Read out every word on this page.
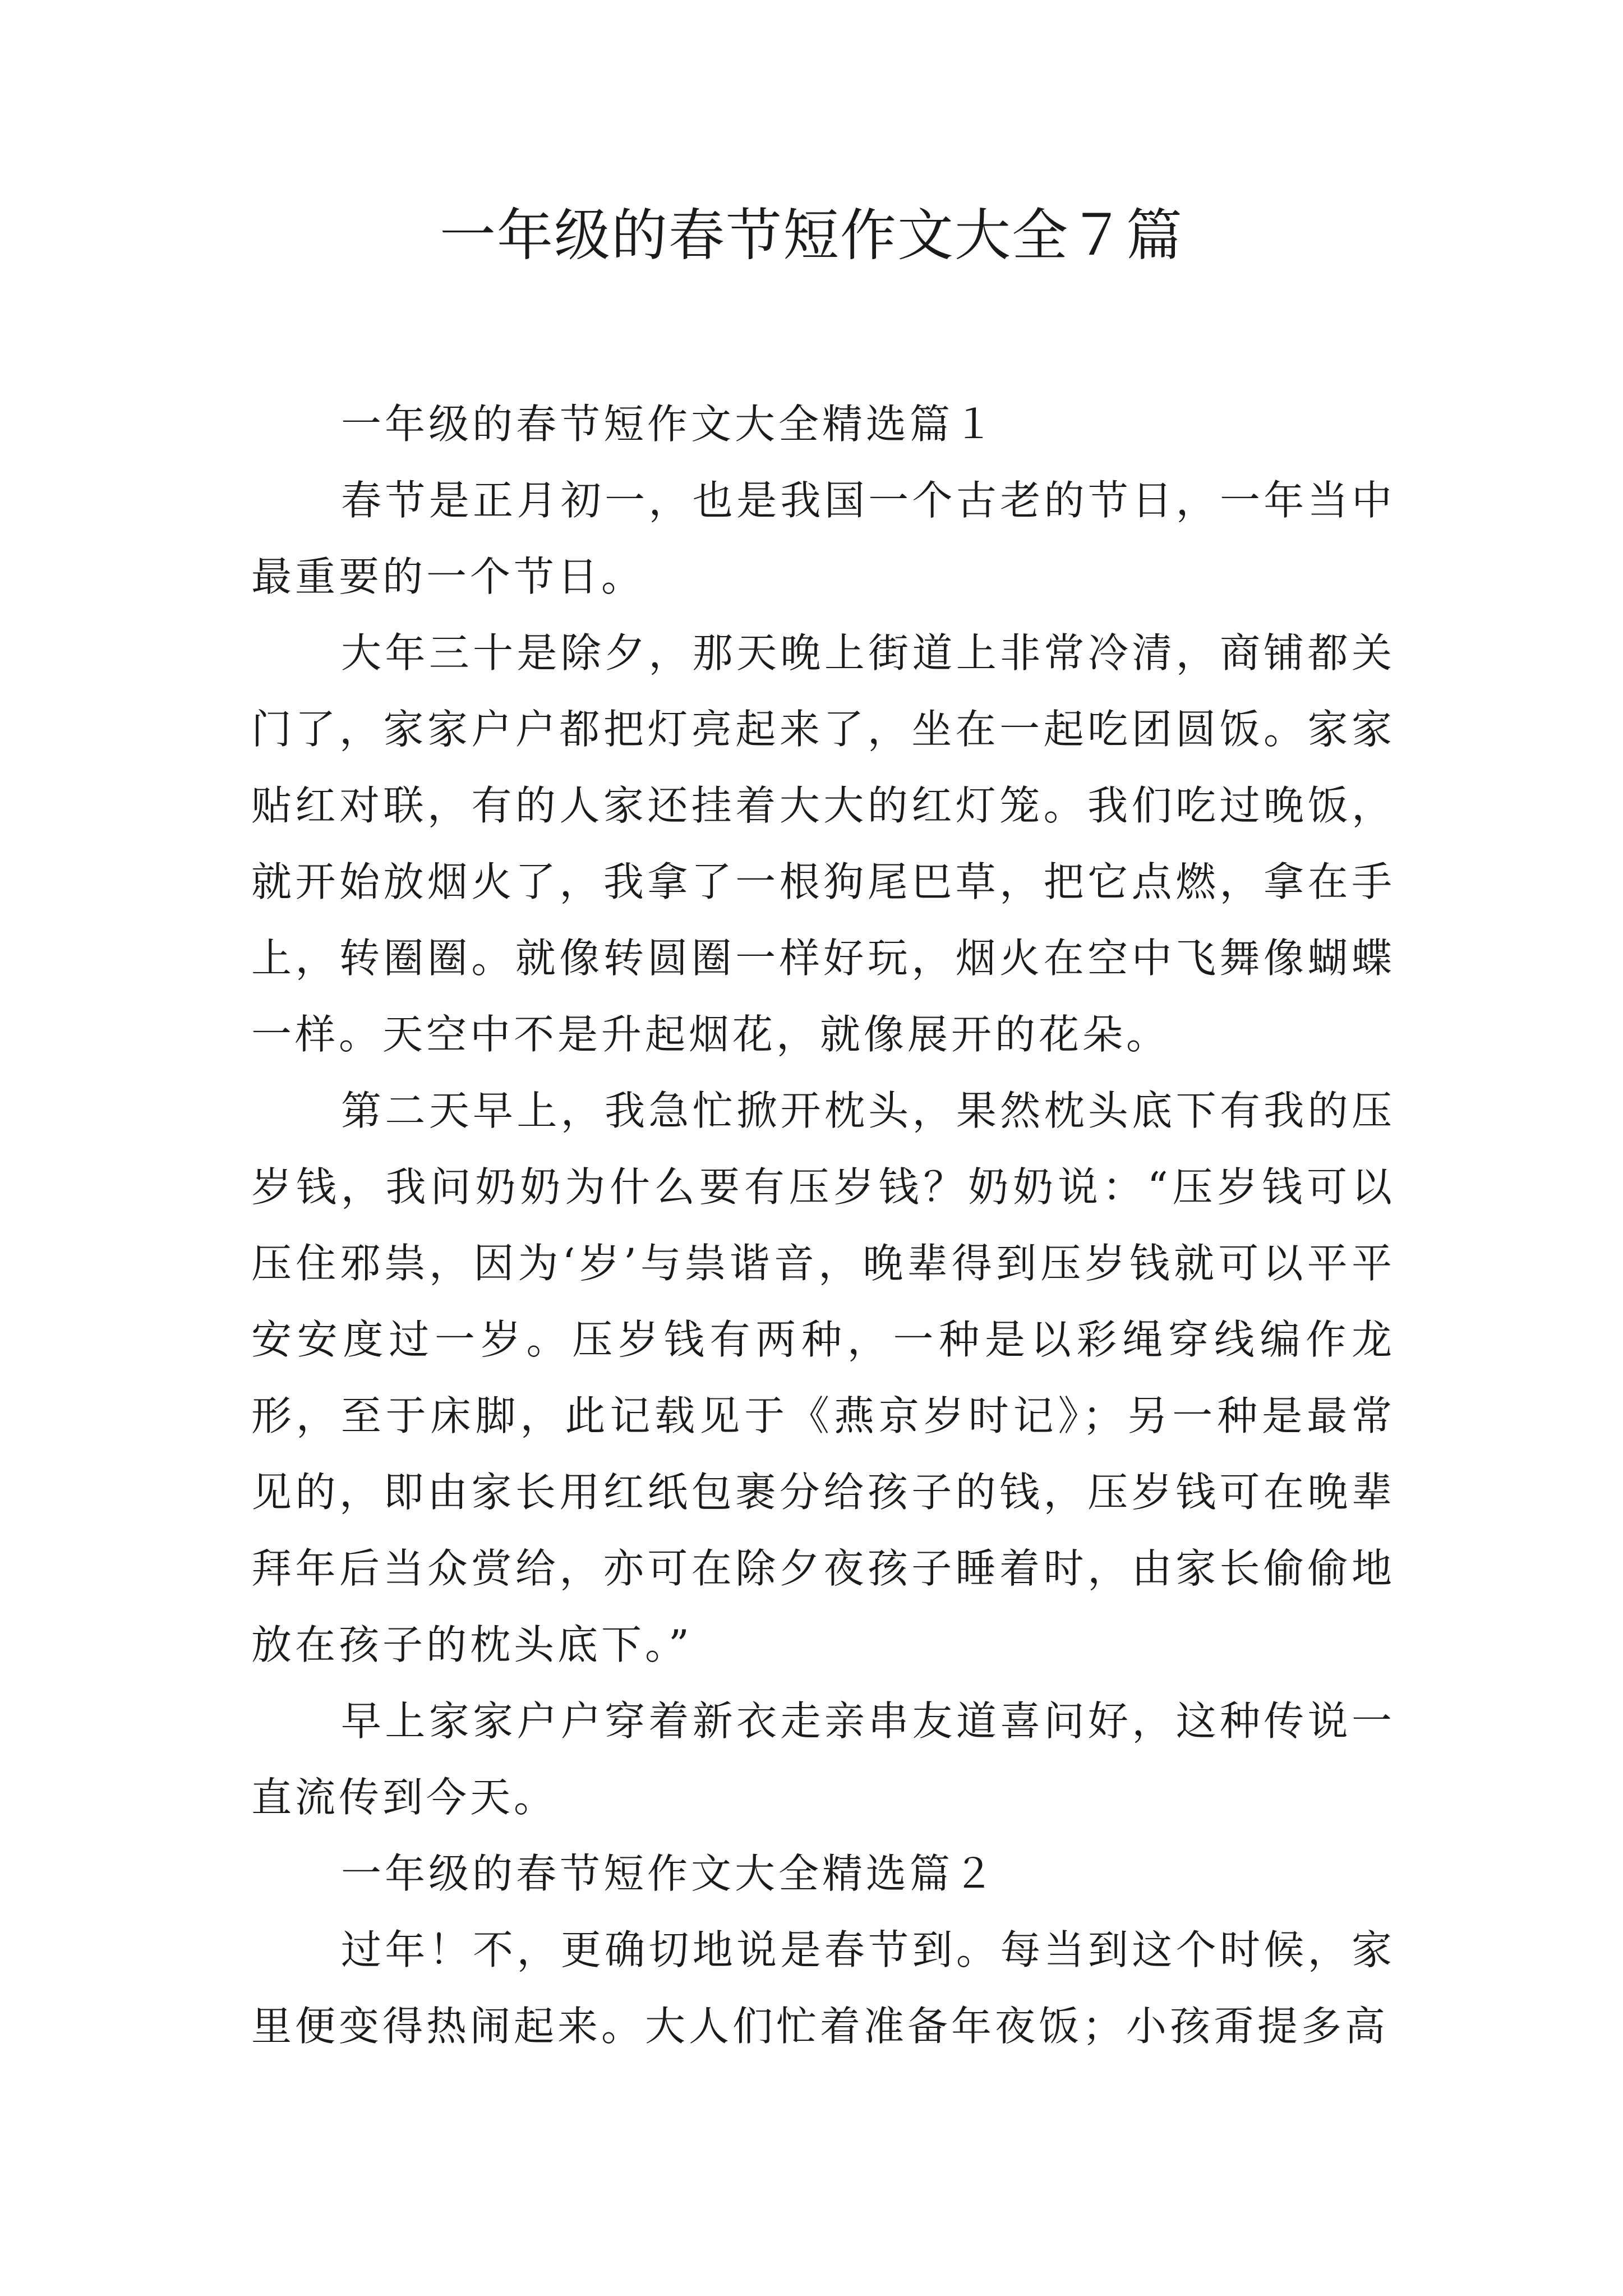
一年级的春节短作文大全７篇

一年级的春节短作文大全精选篇１

春节是正月初一，也是我国一个古老的节日，一年当中最重要的一个节日。

大年三十是除夕，那天晚上街道上非常冷清，商铺都关门了，家家户户都把灯亮起来了，坐在一起吃团圆饭。家家贴红对联，有的人家还挂着大大的红灯笼。我们吃过晚饭，就开始放烟火了，我拿了一根狗尾巴草，把它点燃，拿在手上，转圈圈。就像转圆圈一样好玩，烟火在空中飞舞像蝴蝶一样。天空中不是升起烟花，就像展开的花朵。

第二天早上，我急忙掀开枕头，果然枕头底下有我的压岁钱，我问奶奶为什么要有压岁钱？奶奶说：“压岁钱可以压住邪祟，因为‘岁’与祟谐音，晚辈得到压岁钱就可以平平安安度过一岁。压岁钱有两种，一种是以彩绳穿线编作龙形，至于床脚，此记载见于《燕京岁时记》；另一种是最常见的，即由家长用红纸包裹分给孩子的钱，压岁钱可在晚辈拜年后当众赏给，亦可在除夕夜孩子睡着时，由家长偷偷地放在孩子的枕头底下。”

早上家家户户穿着新衣走亲串友道喜问好，这种传说一直流传到今天。

一年级的春节短作文大全精选篇２

过年！不，更确切地说是春节到。每当到这个时候，家里便变得热闹起来。大人们忙着准备年夜饭；小孩甭提多高
